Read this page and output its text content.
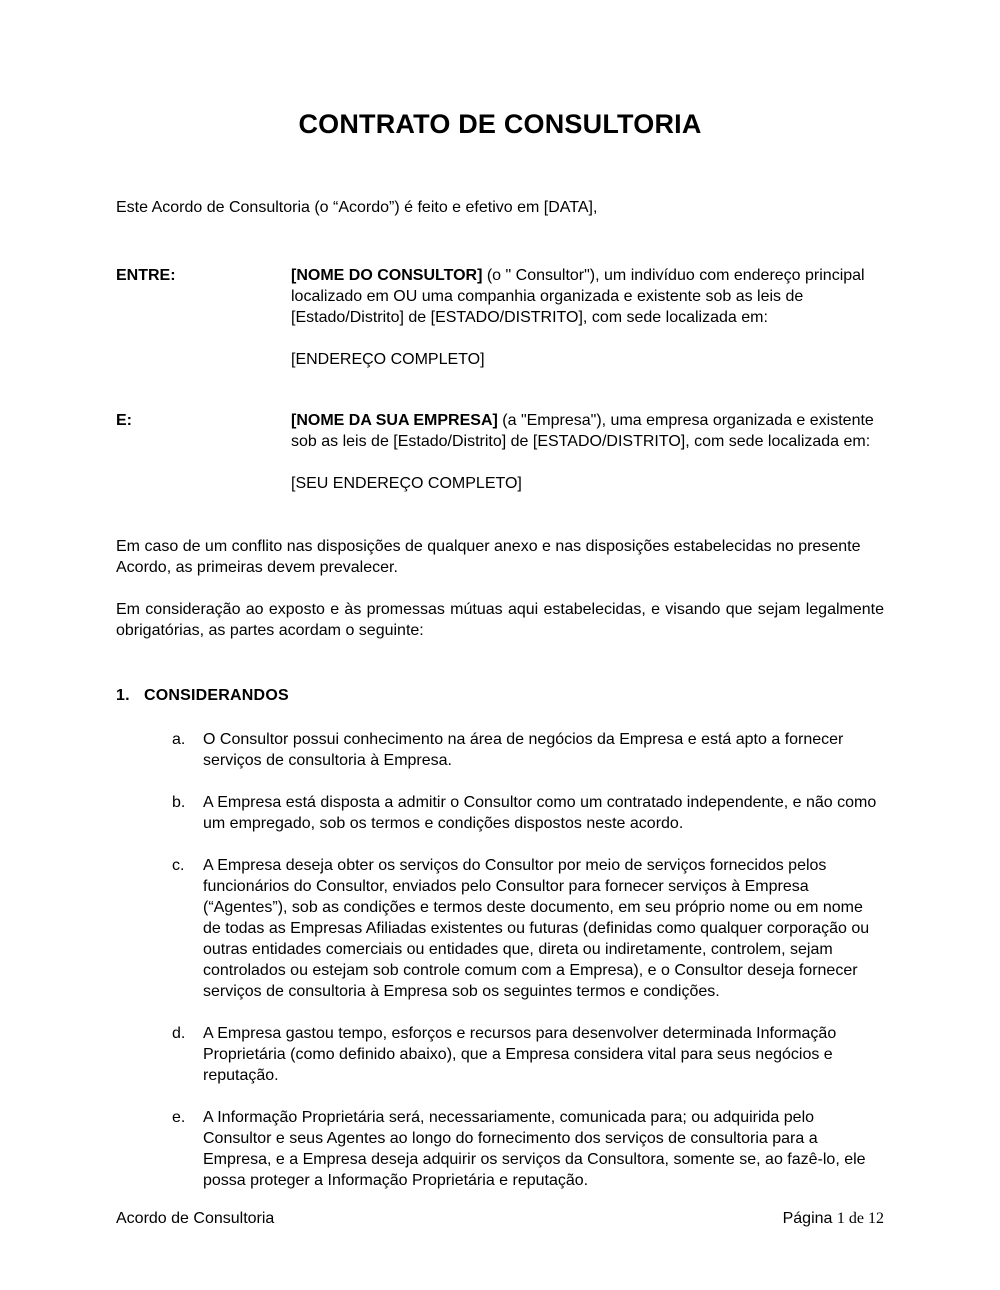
CONTRATO DE CONSULTORIA

Este Acordo de Consultoria (o “Acordo”) é feito e efetivo em [DATA],

ENTRE:	[NOME DO CONSULTOR] (o " Consultor"), um indivíduo com endereço principal localizado em OU uma companhia organizada e existente sob as leis de [Estado/Distrito] de [ESTADO/DISTRITO], com sede localizada em:

[ENDEREÇO COMPLETO]

E:	[NOME DA SUA EMPRESA] (a "Empresa"), uma empresa organizada e existente sob as leis de [Estado/Distrito] de [ESTADO/DISTRITO], com sede localizada em:

[SEU ENDEREÇO COMPLETO]

Em caso de um conflito nas disposições de qualquer anexo e nas disposições estabelecidas no presente Acordo, as primeiras devem prevalecer.

Em consideração ao exposto e às promessas mútuas aqui estabelecidas, e visando que sejam legalmente obrigatórias, as partes acordam o seguinte:

1. CONSIDERANDOS
a.	O Consultor possui conhecimento na área de negócios da Empresa e está apto a fornecer serviços de consultoria à Empresa.
b.	A Empresa está disposta a admitir o Consultor como um contratado independente, e não como um empregado, sob os termos e condições dispostos neste acordo.
c.	A Empresa deseja obter os serviços do Consultor por meio de serviços fornecidos pelos funcionários do Consultor, enviados pelo Consultor para fornecer serviços à Empresa (“Agentes”), sob as condições e termos deste documento, em seu próprio nome ou em nome de todas as Empresas Afiliadas existentes ou futuras (definidas como qualquer corporação ou outras entidades comerciais ou entidades que, direta ou indiretamente, controlem, sejam controlados ou estejam sob controle comum com a Empresa), e o Consultor deseja fornecer serviços de consultoria à Empresa sob os seguintes termos e condições.
d.	A Empresa gastou tempo, esforços e recursos para desenvolver determinada Informação Proprietária (como definido abaixo), que a Empresa considera vital para seus negócios e reputação.
e.	A Informação Proprietária será, necessariamente, comunicada para; ou adquirida pelo Consultor e seus Agentes ao longo do fornecimento dos serviços de consultoria para a Empresa, e a Empresa deseja adquirir os serviços da Consultora, somente se, ao fazê-lo, ele possa proteger a Informação Proprietária e reputação.
Acordo de Consultoria	Página 1 de 12
